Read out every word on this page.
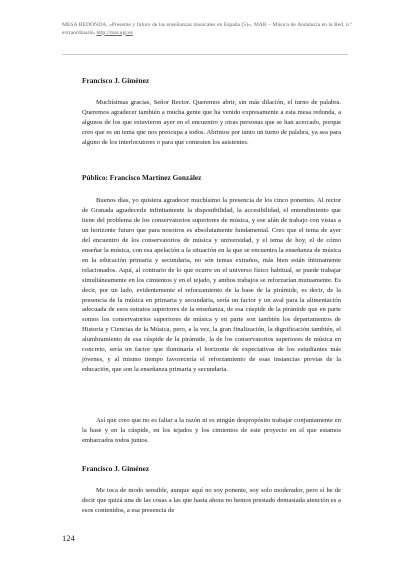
MESA REDONDA, «Presente y futuro de las enseñanzas musicales en España (5)», MAR – Música de Andalucía en la Red, n.º extraordinario, http://mar.ugr.es
Francisco J. Giménez

Muchísimas gracias, Señor Rector. Queremos abrir, sin más dilación, el turno de palabra. Queremos agradecer también a mucha gente que ha venido expresamente a esta mesa redonda, a algunos de los que estuvieron ayer en el encuentro y otras personas que se han acercado, porque creo que es un tema que nos preocupa a todos. Abrimos por tanto un turno de palabra, ya sea para alguno de los interlocutores o para que contesten los asistentes.

Público: Francisco Martínez González

Buenos días, yo quisiera agradecer muchísimo la presencia de los cinco ponentes. Al rector de Granada agradecerle infinitamente la disponibilidad, la accesibilidad, el entendimiento que tiene del problema de los conservatorios superiores de música, y ese afán de trabajo con vistas a un horizonte futuro que para nosotros es absolutamente fundamental. Creo que el tema de ayer del encuentro de los conservatorios de música y universidad, y el tema de hoy, el de cómo enseñar la música, con esa apelación a la situación en la que se encuentra la enseñanza de música en la educación primaria y secundaria, no son temas extraños, más bien están íntimamente relacionados. Aquí, al contrario de lo que ocurre en el universo físico habitual, se puede trabajar simultáneamente en los cimientos y en el tejado, y ambos trabajos se reforzarían mutuamente. Es decir, por un lado, evidentemente el reforzamiento de la base de la pirámide, es decir, de la presencia de la música en primaria y secundaria, sería un factor y un aval para la alimentación adecuada de esos estratos superiores de la enseñanza, de esa cúspide de la pirámide que en parte somos los conservatorios superiores de música y en parte son también los departamentos de Historia y Ciencias de la Música, pero, a la vez, la gran finalización, la dignificación también, el alumbramiento de esa cúspide de la pirámide, la de los conservatorios superiores de música en concreto, sería un factor que iluminaría el horizonte de expectativas de los estudiantes más jóvenes, y al mismo tiempo favorecería el reforzamiento de esas instancias previas de la educación, que son la enseñanza primaria y secundaria.

Así que creo que no es faltar a la razón ni es ningún despropósito trabajar conjuntamente en la base y en la cúspide, en los tejados y los cimientos de este proyecto en el que estamos embarcados todos juntos.

Francisco J. Giménez

Me toca de modo sensible, aunque aquí no soy ponente, soy solo moderador, pero sí he de decir que quizá una de las cosas a las que hasta ahora no hemos prestado demasiada atención es a esos contenidos, a esa presencia de

124
